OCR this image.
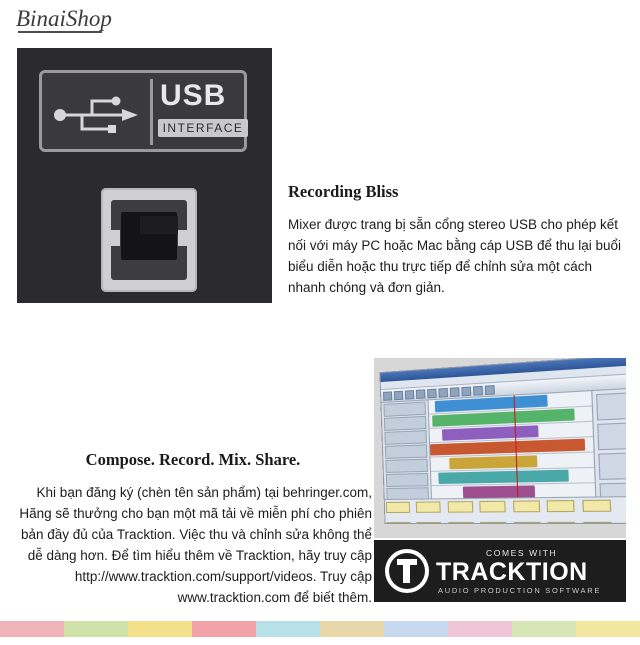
BinaiShop
USB
INTERFACE
Recording Bliss

Mixer được trang bị sẵn cổng stereo USB cho phép kết nối với máy PC hoặc Mac bằng cáp USB để thu lại buổi biểu diễn hoặc thu trực tiếp để chỉnh sửa một cách nhanh chóng và đơn giản.

Compose. Record. Mix. Share.

Khi bạn đăng ký (chèn tên sản phẩm) tại behringer.com, Hãng sẽ thưởng cho bạn một mã tải về miễn phí cho phiên bản đầy đủ của Tracktion. Việc thu và chỉnh sửa không thể dễ dàng hơn. Để tìm hiểu thêm về Tracktion, hãy truy cập http://www.tracktion.com/support/videos. Truy cập www.tracktion.com để biết thêm.

COMES WITH
TRACKTION
AUDIO PRODUCTION SOFTWARE
